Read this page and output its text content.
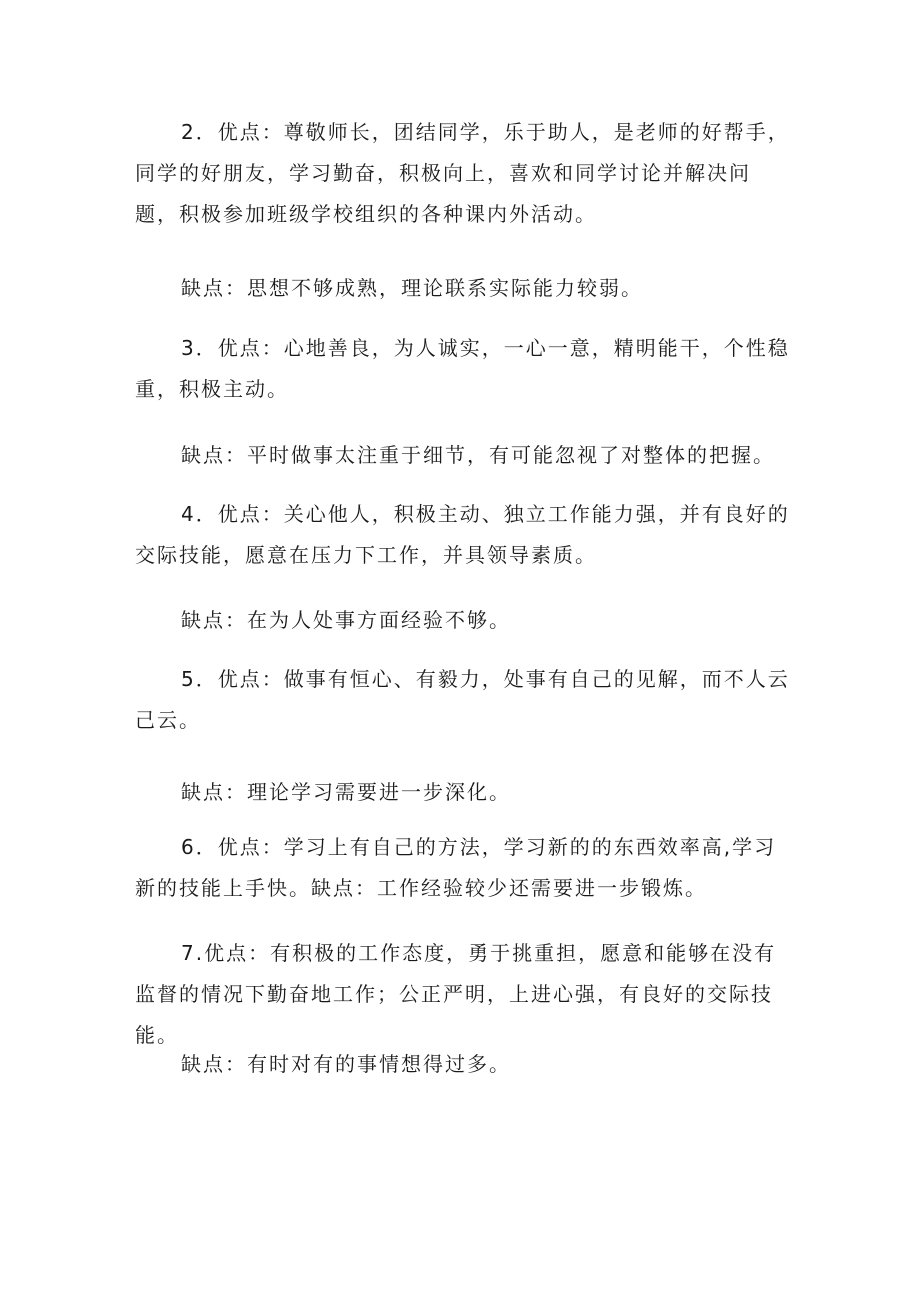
2．优点：尊敬师长，团结同学，乐于助人，是老师的好帮手，同学的好朋友，学习勤奋，积极向上，喜欢和同学讨论并解决问题，积极参加班级学校组织的各种课内外活动。

缺点：思想不够成熟，理论联系实际能力较弱。

3．优点：心地善良，为人诚实，一心一意，精明能干，个性稳重，积极主动。

缺点：平时做事太注重于细节，有可能忽视了对整体的把握。

4．优点：关心他人，积极主动、独立工作能力强，并有良好的交际技能，愿意在压力下工作，并具领导素质。

缺点：在为人处事方面经验不够。

5．优点：做事有恒心、有毅力，处事有自己的见解，而不人云己云。

缺点：理论学习需要进一步深化。

6．优点：学习上有自己的方法，学习新的的东西效率高,学习新的技能上手快。缺点：工作经验较少还需要进一步锻炼。

7.优点：有积极的工作态度，勇于挑重担，愿意和能够在没有监督的情况下勤奋地工作；公正严明，上进心强，有良好的交际技能。

缺点：有时对有的事情想得过多。
